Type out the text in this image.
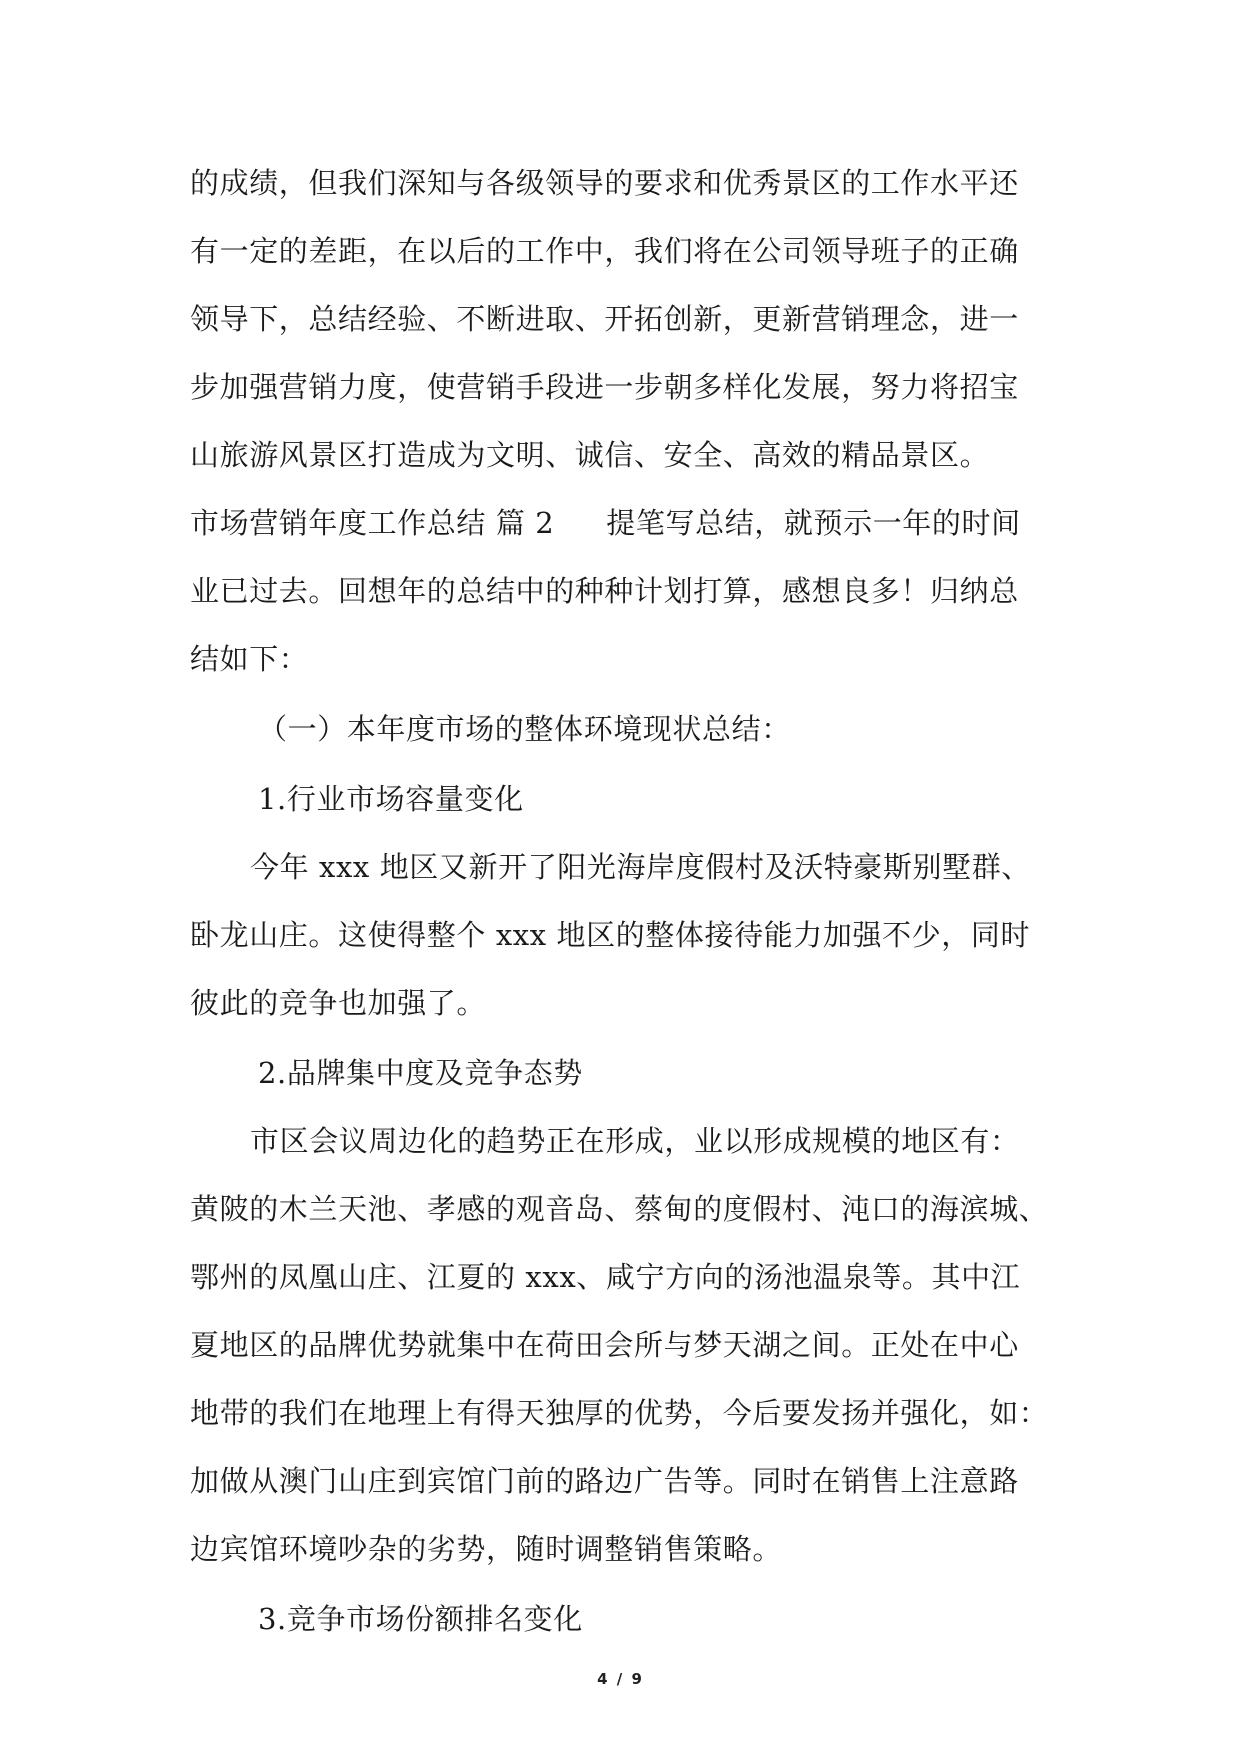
的成绩，但我们深知与各级领导的要求和优秀景区的工作水平还
有一定的差距，在以后的工作中，我们将在公司领导班子的正确
领导下，总结经验、不断进取、开拓创新，更新营销理念，进一
步加强营销力度，使营销手段进一步朝多样化发展，努力将招宝
山旅游风景区打造成为文明、诚信、安全、高效的精品景区。
市场营销年度工作总结 篇 2 提笔写总结，就预示一年的时间
业已过去。回想年的总结中的种种计划打算，感想良多！归纳总
结如下：
（一）本年度市场的整体环境现状总结：
1.行业市场容量变化
今年 xxx 地区又新开了阳光海岸度假村及沃特豪斯别墅群、
卧龙山庄。这使得整个 xxx 地区的整体接待能力加强不少，同时
彼此的竞争也加强了。
2.品牌集中度及竞争态势
市区会议周边化的趋势正在形成，业以形成规模的地区有：
黄陂的木兰天池、孝感的观音岛、蔡甸的度假村、沌口的海滨城、
鄂州的凤凰山庄、江夏的 xxx、咸宁方向的汤池温泉等。其中江
夏地区的品牌优势就集中在荷田会所与梦天湖之间。正处在中心
地带的我们在地理上有得天独厚的优势，今后要发扬并强化，如：
加做从澳门山庄到宾馆门前的路边广告等。同时在销售上注意路
边宾馆环境吵杂的劣势，随时调整销售策略。
3.竞争市场份额排名变化
4 / 9
